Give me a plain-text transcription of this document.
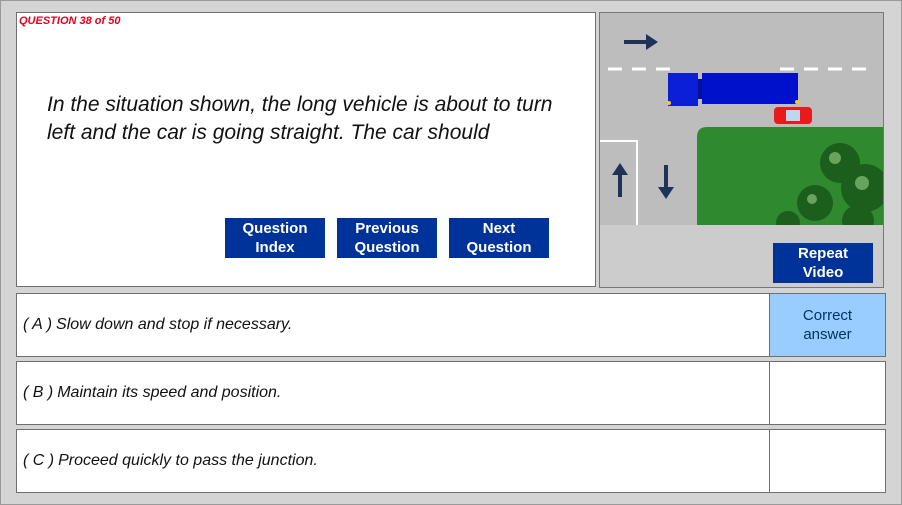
QUESTION 38 of 50
In the situation shown, the long vehicle is about to turn left and the car is going straight. The car should
Question
Index
Previous
Question
Next
Question	Repeat
Video
( A ) Slow down and stop if necessary.
Correct
answer
( B ) Maintain its speed and position.
( C ) Proceed quickly to pass the junction.
